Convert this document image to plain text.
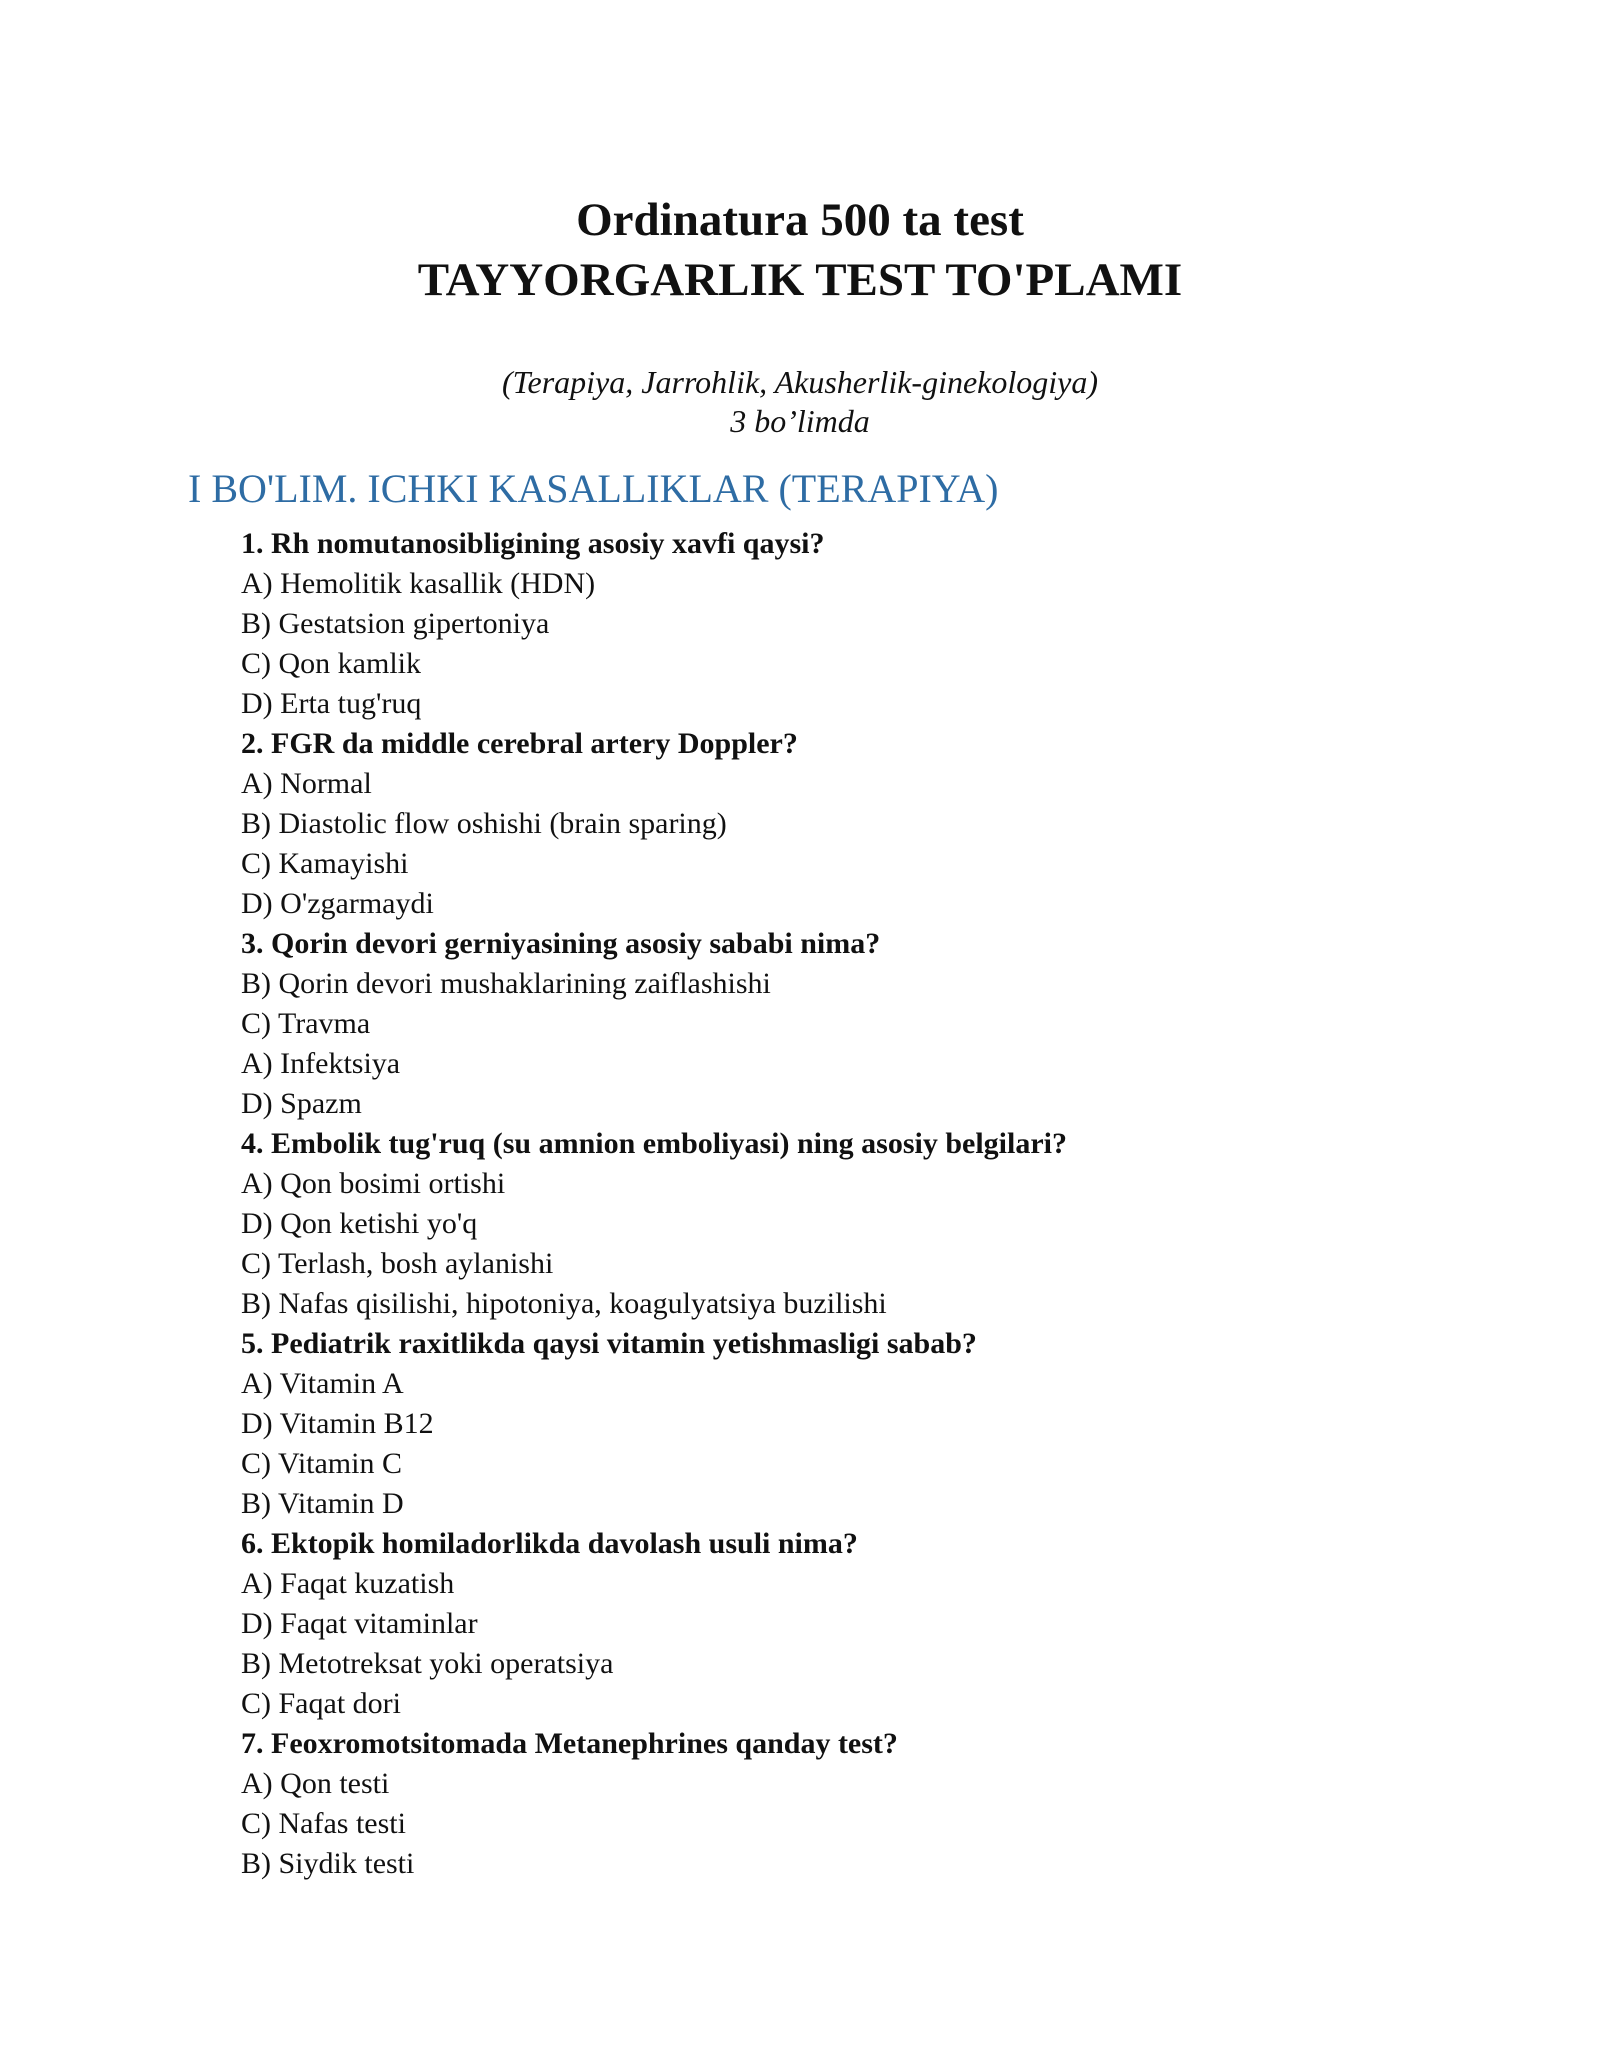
Ordinatura 500 ta test
TAYYORGARLIK TEST TO'PLAMI

(Terapiya, Jarrohlik, Akusherlik-ginekologiya)

3 bo’limda

I BO'LIM. ICHKI KASALLIKLAR (TERAPIYA)
1. Rh nomutanosibligining asosiy xavfi qaysi?
A) Hemolitik kasallik (HDN)
B) Gestatsion gipertoniya
C) Qon kamlik
D) Erta tug'ruq
2. FGR da middle cerebral artery Doppler?
A) Normal
B) Diastolic flow oshishi (brain sparing)
C) Kamayishi
D) O'zgarmaydi
3. Qorin devori gerniyasining asosiy sababi nima?
B) Qorin devori mushaklarining zaiflashishi
C) Travma
A) Infektsiya
D) Spazm
4. Embolik tug'ruq (su amnion emboliyasi) ning asosiy belgilari?
A) Qon bosimi ortishi
D) Qon ketishi yo'q
C) Terlash, bosh aylanishi
B) Nafas qisilishi, hipotoniya, koagulyatsiya buzilishi
5. Pediatrik raxitlikda qaysi vitamin yetishmasligi sabab?
A) Vitamin A
D) Vitamin B12
C) Vitamin C
B) Vitamin D
6. Ektopik homiladorlikda davolash usuli nima?
A) Faqat kuzatish
D) Faqat vitaminlar
B) Metotreksat yoki operatsiya
C) Faqat dori
7. Feoxromotsitomada Metanephrines qanday test?
A) Qon testi
C) Nafas testi
B) Siydik testi
